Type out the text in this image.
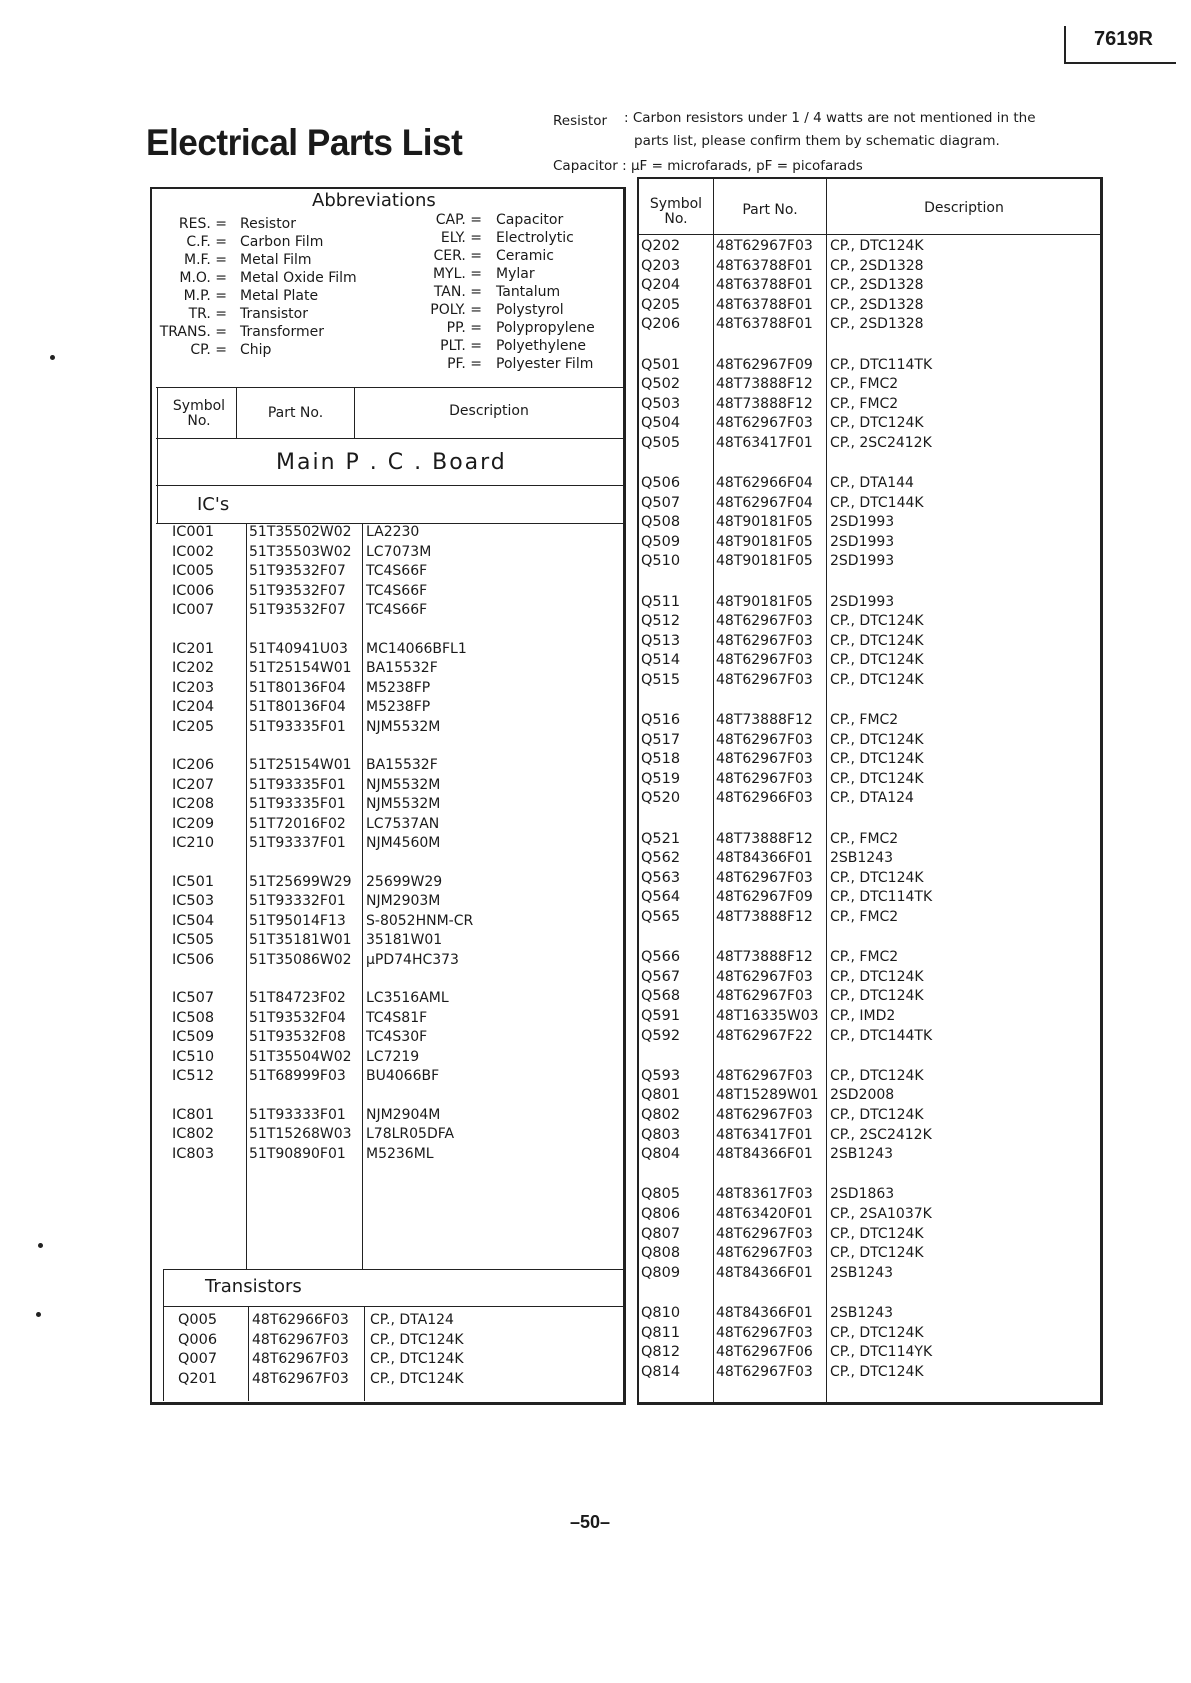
7619R
Electrical Parts List
Resistor : Carbon resistors under 1 / 4 watts are not mentioned in the
parts list, please confirm them by schematic diagram.
Capacitor : µF = microfarads, pF = picofarads
Abbreviations
RES. = Resistor
C.F. = Carbon Film
M.F. = Metal Film
M.O. = Metal Oxide Film
M.P. = Metal Plate
TR. = Transistor
TRANS. = Transformer
CP. = Chip
CAP. = Capacitor
ELY. = Electrolytic
CER. = Ceramic
MYL. = Mylar
TAN. = Tantalum
POLY. = Polystyrol
PP. = Polypropylene
PLT. = Polyethylene
PF. = Polyester Film
Symbol
No.	Part No.	Description
Main P . C . Board
IC's
Transistors
IC001 51T35502W02 LA2230
IC002 51T35503W02 LC7073M
IC005 51T93532F07 TC4S66F
IC006 51T93532F07 TC4S66F
IC007 51T93532F07 TC4S66F
IC201 51T40941U03 MC14066BFL1
IC202 51T25154W01 BA15532F
IC203 51T80136F04 M5238FP
IC204 51T80136F04 M5238FP
IC205 51T93335F01 NJM5532M
IC206 51T25154W01 BA15532F
IC207 51T93335F01 NJM5532M
IC208 51T93335F01 NJM5532M
IC209 51T72016F02 LC7537AN
IC210 51T93337F01 NJM4560M
IC501 51T25699W29 25699W29
IC503 51T93332F01 NJM2903M
IC504 51T95014F13 S-8052HNM-CR
IC505 51T35181W01 35181W01
IC506 51T35086W02 µPD74HC373
IC507 51T84723F02 LC3516AML
IC508 51T93532F04 TC4S81F
IC509 51T93532F08 TC4S30F
IC510 51T35504W02 LC7219
IC512 51T68999F03 BU4066BF
IC801 51T93333F01 NJM2904M
IC802 51T15268W03 L78LR05DFA
IC803 51T90890F01 M5236ML
Q005 48T62966F03 CP., DTA124
Q006 48T62967F03 CP., DTC124K
Q007 48T62967F03 CP., DTC124K
Q201 48T62967F03 CP., DTC124K
Symbol
No.
Part No.	Description
Q202	48T62967F03 CP., DTC124K
Q203	48T63788F01 CP., 2SD1328
Q204	48T63788F01 CP., 2SD1328
Q205	48T63788F01 CP., 2SD1328
Q206	48T63788F01 CP., 2SD1328
Q501	48T62967F09 CP., DTC114TK
Q502	48T73888F12 CP., FMC2
Q503	48T73888F12 CP., FMC2
Q504	48T62967F03 CP., DTC124K
Q505	48T63417F01 CP., 2SC2412K
Q506	48T62966F04 CP., DTA144
Q507	48T62967F04 CP., DTC144K
Q508	48T90181F05 2SD1993
Q509	48T90181F05 2SD1993
Q510	48T90181F05 2SD1993
Q511	48T90181F05 2SD1993
Q512	48T62967F03 CP., DTC124K
Q513	48T62967F03 CP., DTC124K
Q514	48T62967F03 CP., DTC124K
Q515	48T62967F03 CP., DTC124K
Q516	48T73888F12 CP., FMC2
Q517	48T62967F03 CP., DTC124K
Q518	48T62967F03 CP., DTC124K
Q519	48T62967F03 CP., DTC124K
Q520	48T62966F03 CP., DTA124
Q521	48T73888F12 CP., FMC2
Q562	48T84366F01 2SB1243
Q563	48T62967F03 CP., DTC124K
Q564	48T62967F09 CP., DTC114TK
Q565	48T73888F12 CP., FMC2
Q566	48T73888F12 CP., FMC2
Q567	48T62967F03 CP., DTC124K
Q568	48T62967F03 CP., DTC124K
Q591	48T16335W03 CP., IMD2
Q592	48T62967F22 CP., DTC144TK
Q593	48T62967F03 CP., DTC124K
Q801	48T15289W01 2SD2008
Q802	48T62967F03 CP., DTC124K
Q803	48T63417F01 CP., 2SC2412K
Q804	48T84366F01 2SB1243
Q805	48T83617F03 2SD1863
Q806	48T63420F01 CP., 2SA1037K
Q807	48T62967F03 CP., DTC124K
Q808	48T62967F03 CP., DTC124K
Q809	48T84366F01 2SB1243
Q810	48T84366F01 2SB1243
Q811	48T62967F03 CP., DTC124K
Q812	48T62967F06 CP., DTC114YK
Q814	48T62967F03 CP., DTC124K
–50–
